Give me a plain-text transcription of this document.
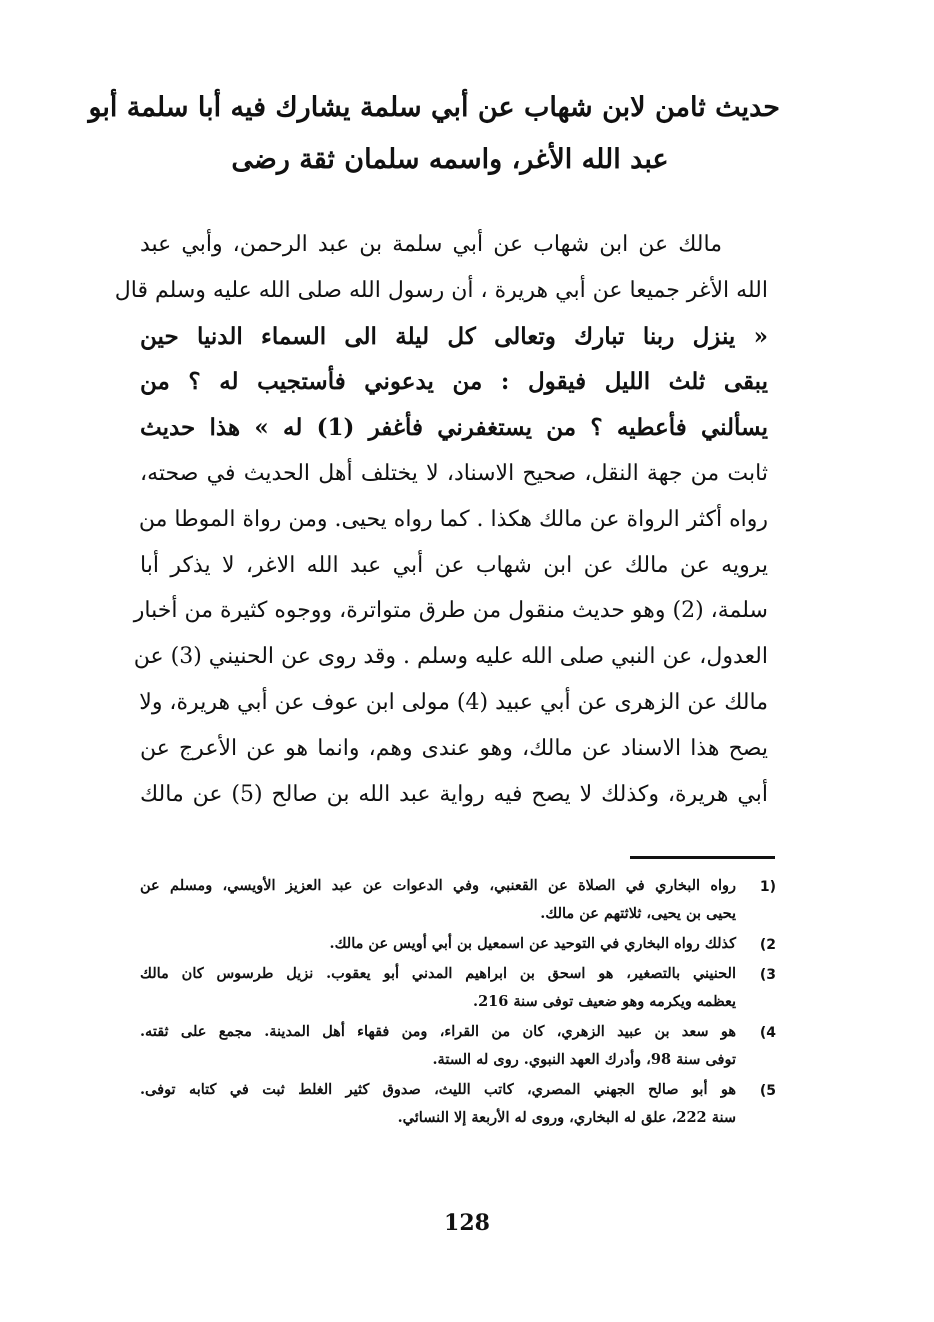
حديث ثامن لابن شهاب عن أبي سلمة يشارك فيه أبا سلمة أبو
عبد الله الأغر، واسمه سلمان ثقة رضى
مالك عن ابن شهاب عن أبي سلمة بن عبد الرحمن، وأبي عبد
الله الأغر جميعا عن أبي هريرة ، أن رسول الله صلى الله عليه وسلم قال
« ينزل ربنا تبارك وتعالى كل ليلة الى السماء الدنيا حين
يبقى ثلث الليل فيقول : من يدعوني فأستجيب له ؟ من
يسألني فأعطيه ؟ من يستغفرني فأغفر (1) له » هذا حديث
ثابت من جهة النقل، صحيح الاسناد، لا يختلف أهل الحديث في صحته،
رواه أكثر الرواة عن مالك هكذا . كما رواه يحيى. ومن رواة الموطا من
يرويه عن مالك عن ابن شهاب عن أبي عبد الله الاغر، لا يذكر أبا
سلمة، (2) وهو حديث منقول من طرق متواترة، ووجوه كثيرة من أخبار
العدول، عن النبي صلى الله عليه وسلم . وقد روى عن الحنيني (3) عن
مالك عن الزهرى عن أبي عبيد (4) مولى ابن عوف عن أبي هريرة، ولا
يصح هذا الاسناد عن مالك، وهو عندى وهم، وانما هو عن الأعرج عن
أبي هريرة، وكذلك لا يصح فيه رواية عبد الله بن صالح (5) عن مالك
(1
رواه البخاري في الصلاة عن القعنبي، وفي الدعوات عن عبد العزيز الأويسي، ومسلم عن
يحيى بن يحيى، ثلاثتهم عن مالك.
2)
كذلك رواه البخاري في التوحيد عن اسمعيل بن أبي أويس عن مالك.
3)
الحنيني بالتصغير، هو اسحق بن ابراهيم المدني أبو يعقوب. نزيل طرسوس كان مالك
يعظمه ويكرمه وهو ضعيف توفى سنة 216.
4)
هو سعد بن عبيد الزهري، كان من القراء، ومن فقهاء أهل المدينة. مجمع على ثقته.
توفى سنة 98، وأدرك العهد النبوي. روى له الستة.
5)
هو أبو صالح الجهني المصري، كاتب الليث، صدوق كثير الغلط ثبت في كتابه توفى.
سنة 222، علق له البخاري، وروى له الأربعة إلا النسائي.
128
